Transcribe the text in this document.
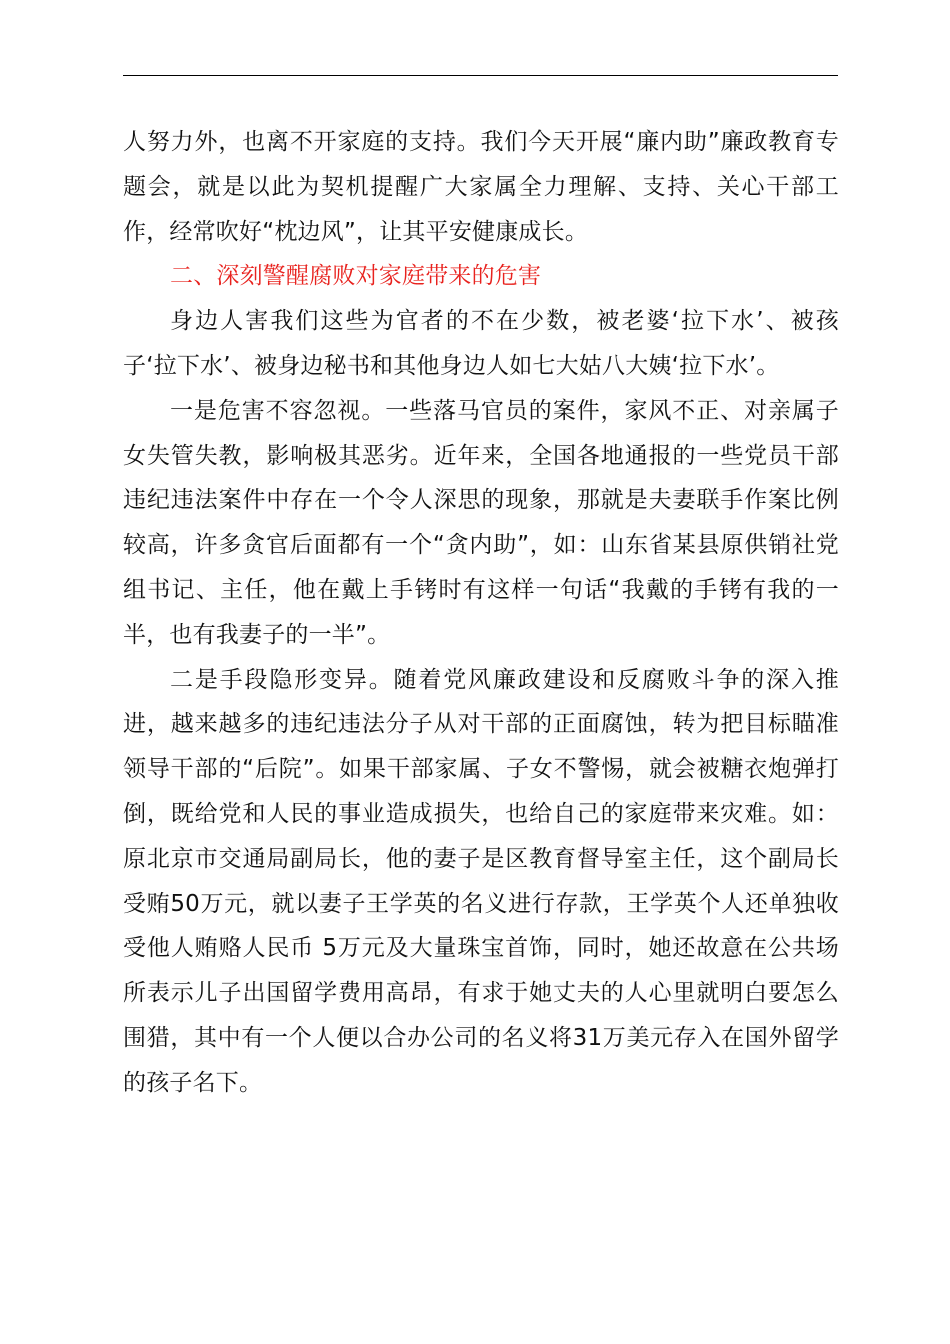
人努力外，也离不开家庭的支持。我们今天开展“廉内助”廉政教育专题会，就是以此为契机提醒广大家属全力理解、支持、关心干部工作，经常吹好“枕边风”，让其平安健康成长。

二、深刻警醒腐败对家庭带来的危害

身边人害我们这些为官者的不在少数，被老婆‘拉下水’、被孩子‘拉下水’、被身边秘书和其他身边人如七大姑八大姨‘拉下水’。

一是危害不容忽视。一些落马官员的案件，家风不正、对亲属子女失管失教，影响极其恶劣。近年来，全国各地通报的一些党员干部违纪违法案件中存在一个令人深思的现象，那就是夫妻联手作案比例较高，许多贪官后面都有一个“贪内助”，如：山东省某县原供销社党组书记、主任，他在戴上手铐时有这样一句话“我戴的手铐有我的一半，也有我妻子的一半”。

二是手段隐形变异。随着党风廉政建设和反腐败斗争的深入推进，越来越多的违纪违法分子从对干部的正面腐蚀，转为把目标瞄准领导干部的“后院”。如果干部家属、子女不警惕，就会被糖衣炮弹打倒，既给党和人民的事业造成损失，也给自己的家庭带来灾难。如：原北京市交通局副局长，他的妻子是区教育督导室主任，这个副局长受贿50万元，就以妻子王学英的名义进行存款，王学英个人还单独收受他人贿赂人民币 5万元及大量珠宝首饰，同时，她还故意在公共场所表示儿子出国留学费用高昂，有求于她丈夫的人心里就明白要怎么围猎，其中有一个人便以合办公司的名义将31万美元存入在国外留学的孩子名下。
